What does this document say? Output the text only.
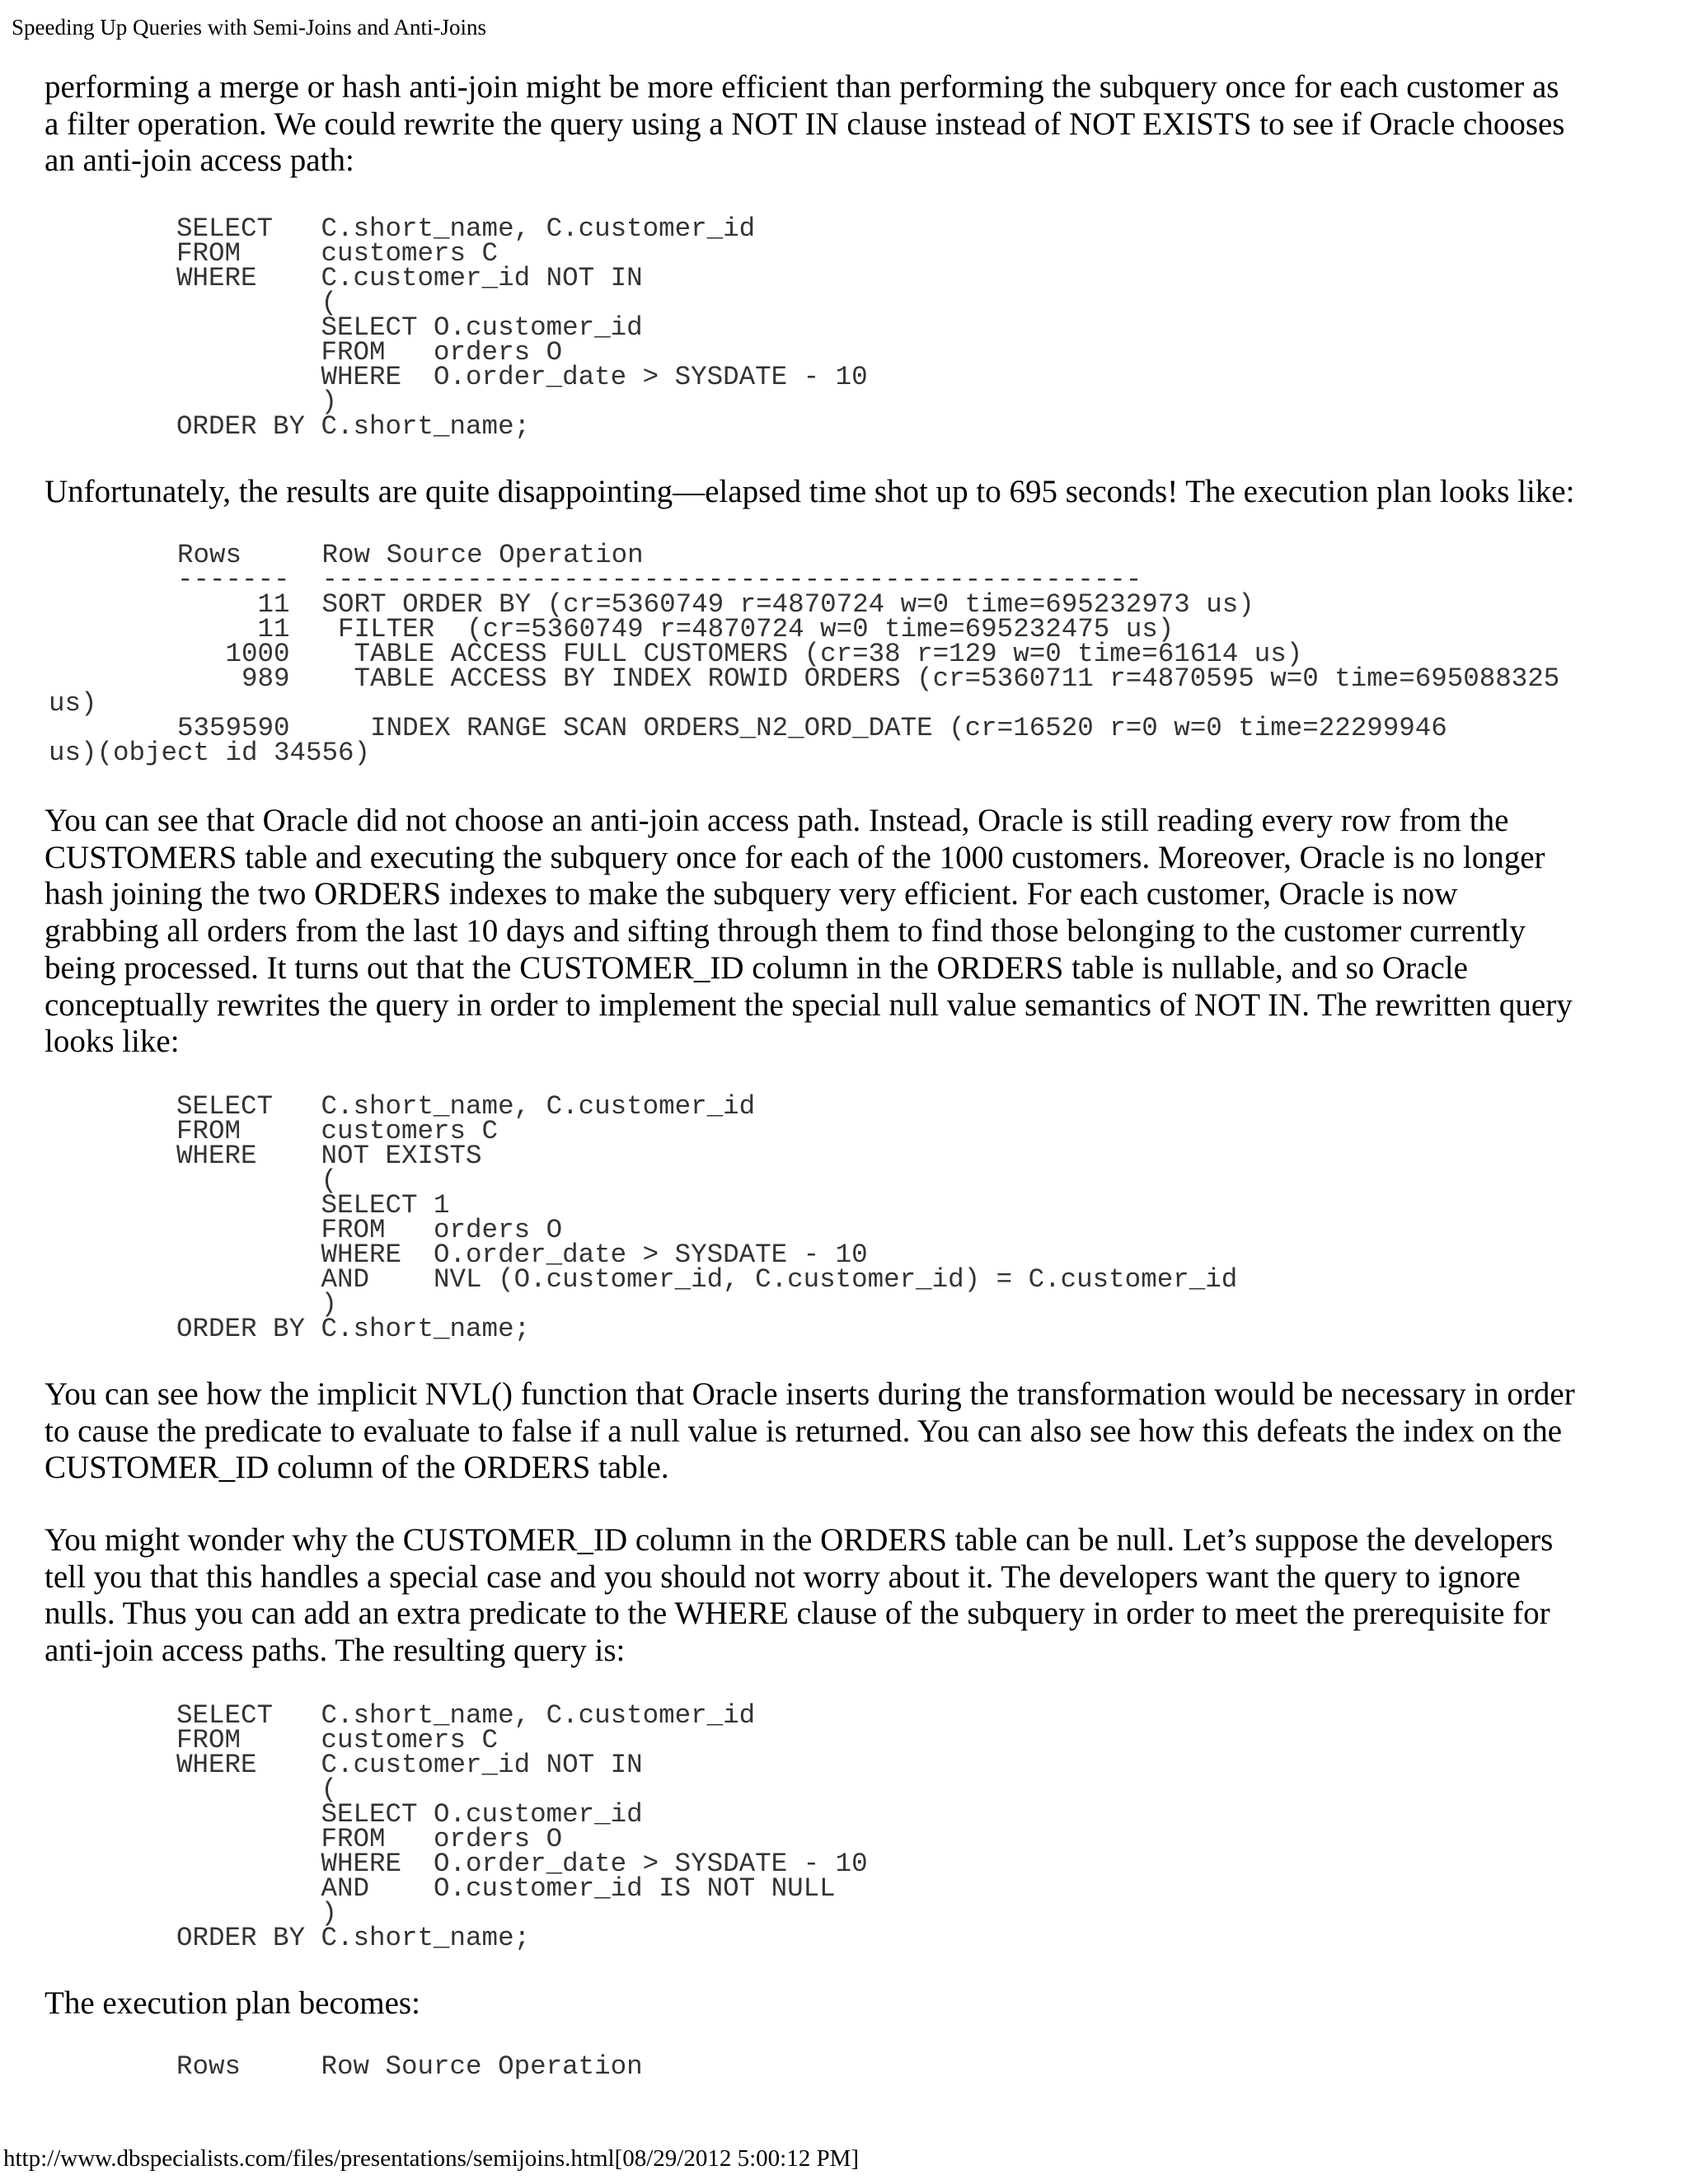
Speeding Up Queries with Semi-Joins and Anti-Joins
performing a merge or hash anti-join might be more efficient than performing the subquery once for each customer as
a filter operation. We could rewrite the query using a NOT IN clause instead of NOT EXISTS to see if Oracle chooses
an anti-join access path:
SELECT   C.short_name, C.customer_id
FROM     customers C
WHERE    C.customer_id NOT IN
(
SELECT O.customer_id
FROM   orders O
WHERE  O.order_date > SYSDATE - 10
)
ORDER BY C.short_name;
Unfortunately, the results are quite disappointing—elapsed time shot up to 695 seconds! The execution plan looks like:
Rows     Row Source Operation
-------  ---------------------------------------------------
11  SORT ORDER BY (cr=5360749 r=4870724 w=0 time=695232973 us)
11   FILTER  (cr=5360749 r=4870724 w=0 time=695232475 us)
1000    TABLE ACCESS FULL CUSTOMERS (cr=38 r=129 w=0 time=61614 us)
989    TABLE ACCESS BY INDEX ROWID ORDERS (cr=5360711 r=4870595 w=0 time=695088325
us)
5359590     INDEX RANGE SCAN ORDERS_N2_ORD_DATE (cr=16520 r=0 w=0 time=22299946
us)(object id 34556)
You can see that Oracle did not choose an anti-join access path. Instead, Oracle is still reading every row from the
CUSTOMERS table and executing the subquery once for each of the 1000 customers. Moreover, Oracle is no longer
hash joining the two ORDERS indexes to make the subquery very efficient. For each customer, Oracle is now
grabbing all orders from the last 10 days and sifting through them to find those belonging to the customer currently
being processed. It turns out that the CUSTOMER_ID column in the ORDERS table is nullable, and so Oracle
conceptually rewrites the query in order to implement the special null value semantics of NOT IN. The rewritten query
looks like:
SELECT   C.short_name, C.customer_id
FROM     customers C
WHERE    NOT EXISTS
(
SELECT 1
FROM   orders O
WHERE  O.order_date > SYSDATE - 10
AND    NVL (O.customer_id, C.customer_id) = C.customer_id
)
ORDER BY C.short_name;
You can see how the implicit NVL() function that Oracle inserts during the transformation would be necessary in order
to cause the predicate to evaluate to false if a null value is returned. You can also see how this defeats the index on the
CUSTOMER_ID column of the ORDERS table.
You might wonder why the CUSTOMER_ID column in the ORDERS table can be null. Let’s suppose the developers
tell you that this handles a special case and you should not worry about it. The developers want the query to ignore
nulls. Thus you can add an extra predicate to the WHERE clause of the subquery in order to meet the prerequisite for
anti-join access paths. The resulting query is:
SELECT   C.short_name, C.customer_id
FROM     customers C
WHERE    C.customer_id NOT IN
(
SELECT O.customer_id
FROM   orders O
WHERE  O.order_date > SYSDATE - 10
AND    O.customer_id IS NOT NULL
)
ORDER BY C.short_name;
The execution plan becomes:
Rows     Row Source Operation
http://www.dbspecialists.com/files/presentations/semijoins.html[08/29/2012 5:00:12 PM]
